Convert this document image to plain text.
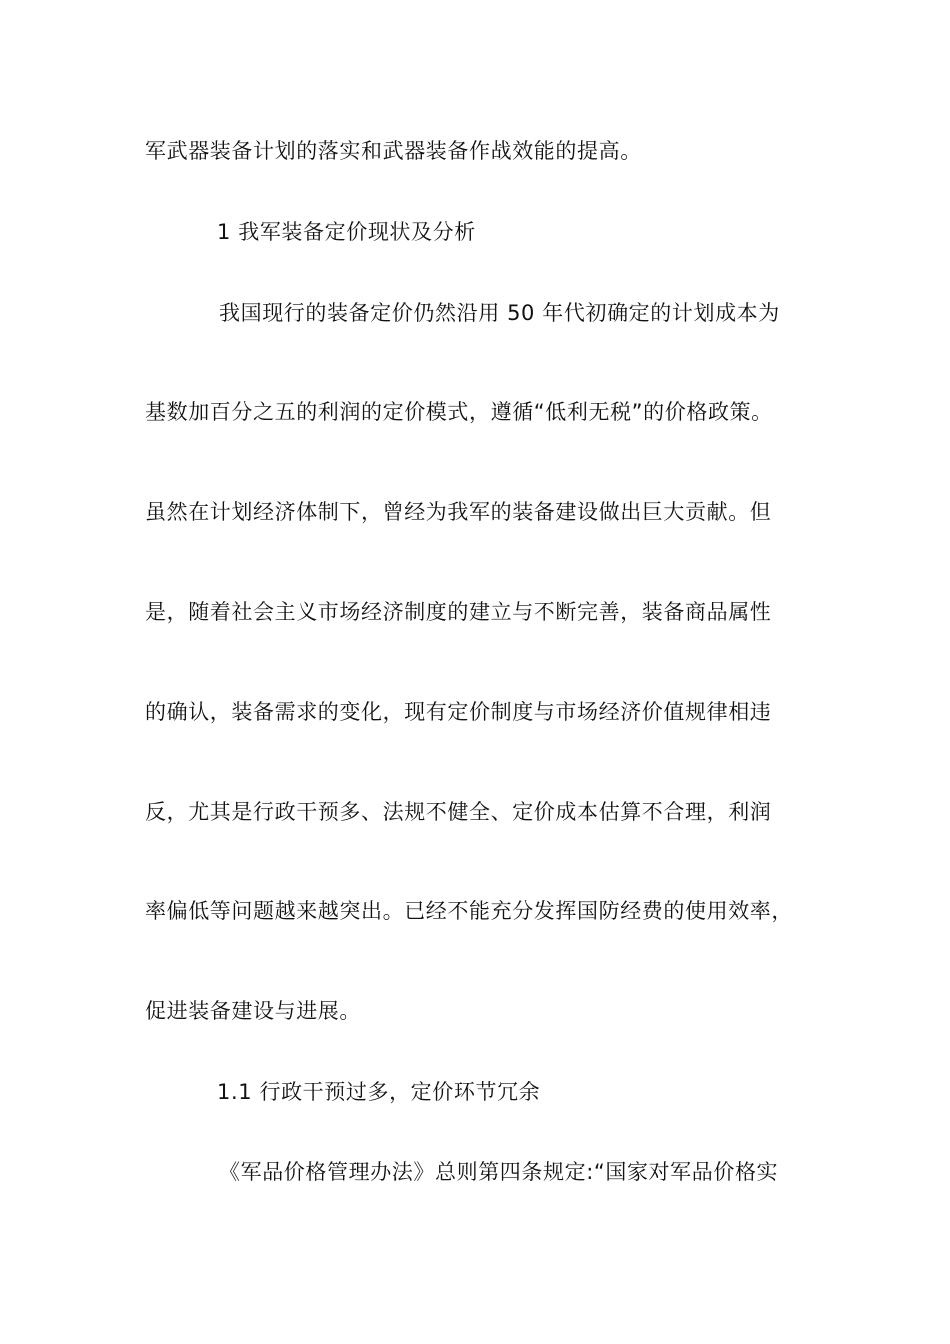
军武器装备计划的落实和武器装备作战效能的提高。
1 我军装备定价现状及分析
我国现行的装备定价仍然沿用 50 年代初确定的计划成本为
基数加百分之五的利润的定价模式，遵循“低利无税”的价格政策。
虽然在计划经济体制下，曾经为我军的装备建设做出巨大贡献。但
是，随着社会主义市场经济制度的建立与不断完善，装备商品属性
的确认，装备需求的变化，现有定价制度与市场经济价值规律相违
反，尤其是行政干预多、法规不健全、定价成本估算不合理，利润
率偏低等问题越来越突出。已经不能充分发挥国防经费的使用效率，
促进装备建设与进展。
1.1 行政干预过多，定价环节冗余
《军品价格管理办法》总则第四条规定:“国家对军品价格实
